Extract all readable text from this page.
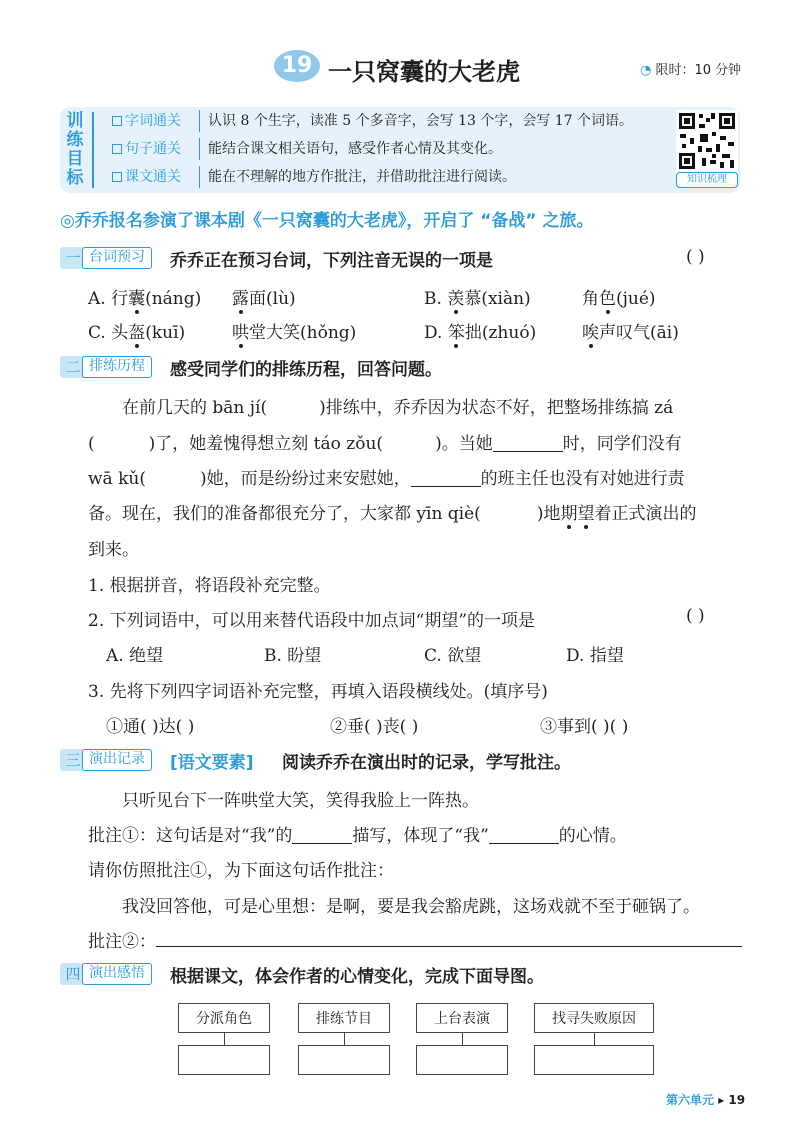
19 一只窝囊的大老虎	◔ 限时：10 分钟
训练目标
字词通关 认识 8 个生字，读准 5 个多音字，会写 13 个字，会写 17 个词语。
句子通关 能结合课文相关语句，感受作者心情及其变化。
课文通关 能在不理解的地方作批注，并借助批注进行阅读。	知识梳理
◎乔乔报名参演了课本剧《一只窝囊的大老虎》，开启了 “备战” 之旅。
一 台词预习	乔乔正在预习台词，下列注音无误的一项是	( )
A. 行囊(náng) 露面(lù)	B. 羡慕(xiàn)	角色(jué)
C. 头盔(kuī)	哄堂大笑(hǒng)	D. 笨拙(zhuó)	唉声叹气(āi)
二 排练历程	感受同学们的排练历程，回答问题。
在前几天的 bān jí(	)排练中，乔乔因为状态不好，把整场排练搞 zá
(	)了，她羞愧得想立刻 táo zǒu(	)。当她	时，同学们没有
wā kǔ(	)她，而是纷纷过来安慰她，	的班主任也没有对她进行责
备。现在，我们的准备都很充分了，大家都 yīn qiè(	)地期望着正式演出的
到来。
1. 根据拼音，将语段补充完整。
2. 下列词语中，可以用来替代语段中加点词“期望”的一项是	( )
A. 绝望	B. 盼望	C. 欲望	D. 指望
3. 先将下列四字词语补充完整，再填入语段横线处。(填序号)
①通( )达( )	②垂( )丧( )	③事到( )( )
三 演出记录	[语文要素] 阅读乔乔在演出时的记录，学写批注。
只听见台下一阵哄堂大笑，笑得我脸上一阵热。
批注①：这句话是对“我”的	描写，体现了“我”	的心情。
请你仿照批注①，为下面这句话作批注：
我没回答他，可是心里想：是啊，要是我会豁虎跳，这场戏就不至于砸锅了。
批注②：
四 演出感悟	根据课文，体会作者的心情变化，完成下面导图。
分派角色	排练节目	上台表演	找寻失败原因
第六单元 ▸ 19
